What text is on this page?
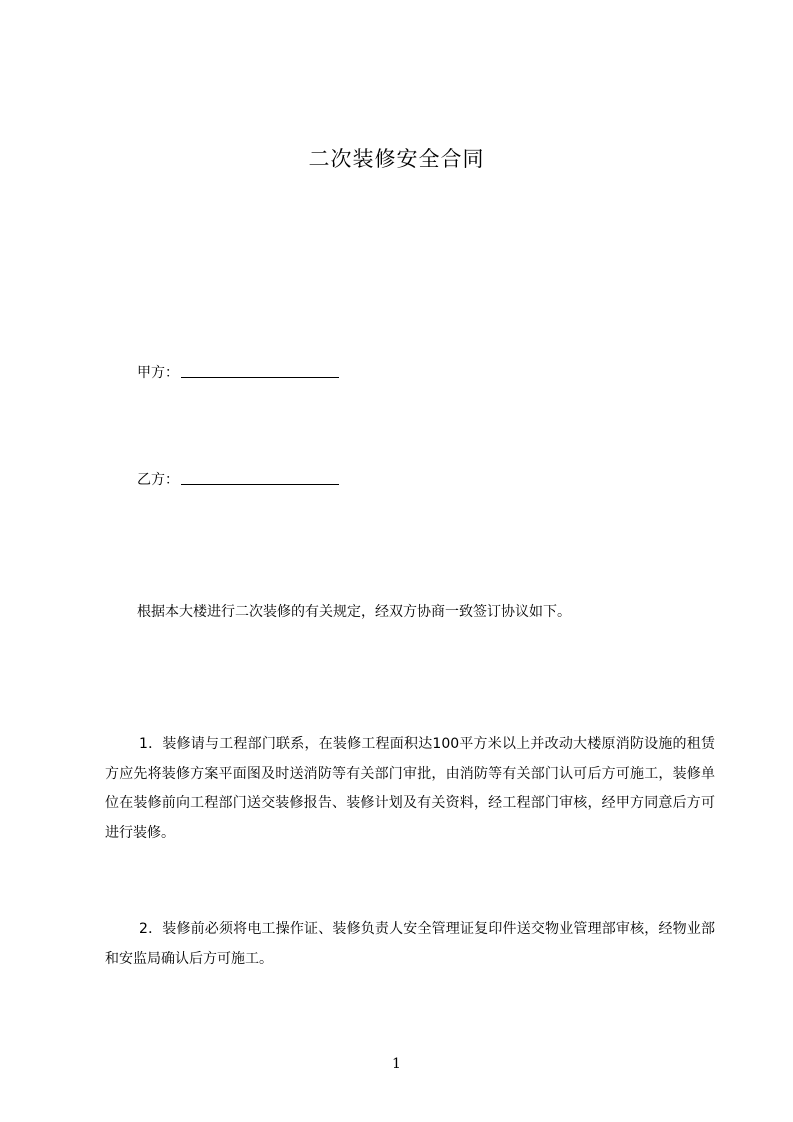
二次装修安全合同
甲方：
乙方：
根据本大楼进行二次装修的有关规定，经双方协商一致签订协议如下。
1．装修请与工程部门联系，在装修工程面积达100平方米以上并改动大楼原消防设施的租赁方应先将装修方案平面图及时送消防等有关部门审批，由消防等有关部门认可后方可施工，装修单位在装修前向工程部门送交装修报告、装修计划及有关资料，经工程部门审核，经甲方同意后方可进行装修。
2．装修前必须将电工操作证、装修负责人安全管理证复印件送交物业管理部审核，经物业部和安监局确认后方可施工。
1
